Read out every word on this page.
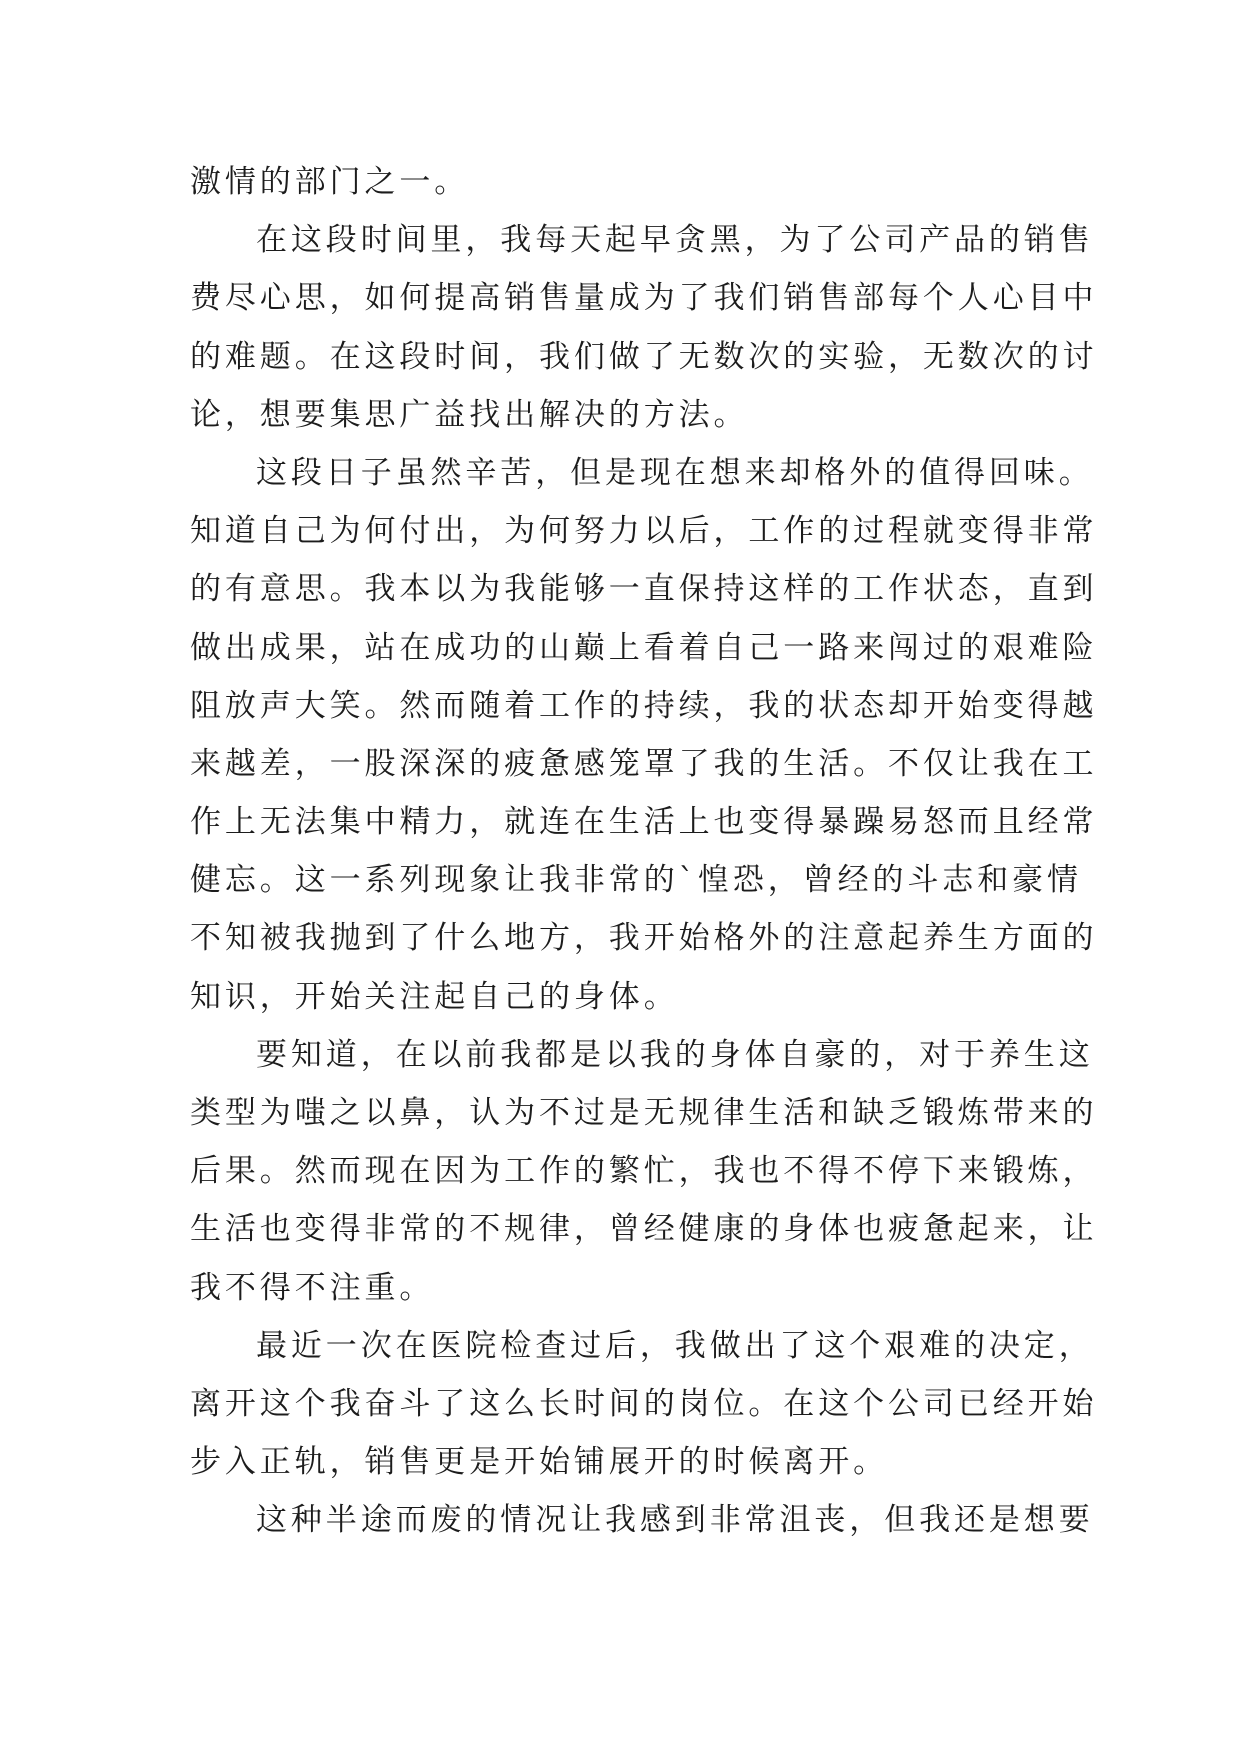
激情的部门之一。
在这段时间里，我每天起早贪黑，为了公司产品的销售
费尽心思，如何提高销售量成为了我们销售部每个人心目中
的难题。在这段时间，我们做了无数次的实验，无数次的讨
论，想要集思广益找出解决的方法。
这段日子虽然辛苦，但是现在想来却格外的值得回味。
知道自己为何付出，为何努力以后，工作的过程就变得非常
的有意思。我本以为我能够一直保持这样的工作状态，直到
做出成果，站在成功的山巅上看着自己一路来闯过的艰难险
阻放声大笑。然而随着工作的持续，我的状态却开始变得越
来越差，一股深深的疲惫感笼罩了我的生活。不仅让我在工
作上无法集中精力，就连在生活上也变得暴躁易怒而且经常
健忘。这一系列现象让我非常的`惶恐，曾经的斗志和豪情
不知被我抛到了什么地方，我开始格外的注意起养生方面的
知识，开始关注起自己的身体。
要知道，在以前我都是以我的身体自豪的，对于养生这
类型为嗤之以鼻，认为不过是无规律生活和缺乏锻炼带来的
后果。然而现在因为工作的繁忙，我也不得不停下来锻炼，
生活也变得非常的不规律，曾经健康的身体也疲惫起来，让
我不得不注重。
最近一次在医院检查过后，我做出了这个艰难的决定，
离开这个我奋斗了这么长时间的岗位。在这个公司已经开始
步入正轨，销售更是开始铺展开的时候离开。
这种半途而废的情况让我感到非常沮丧，但我还是想要
